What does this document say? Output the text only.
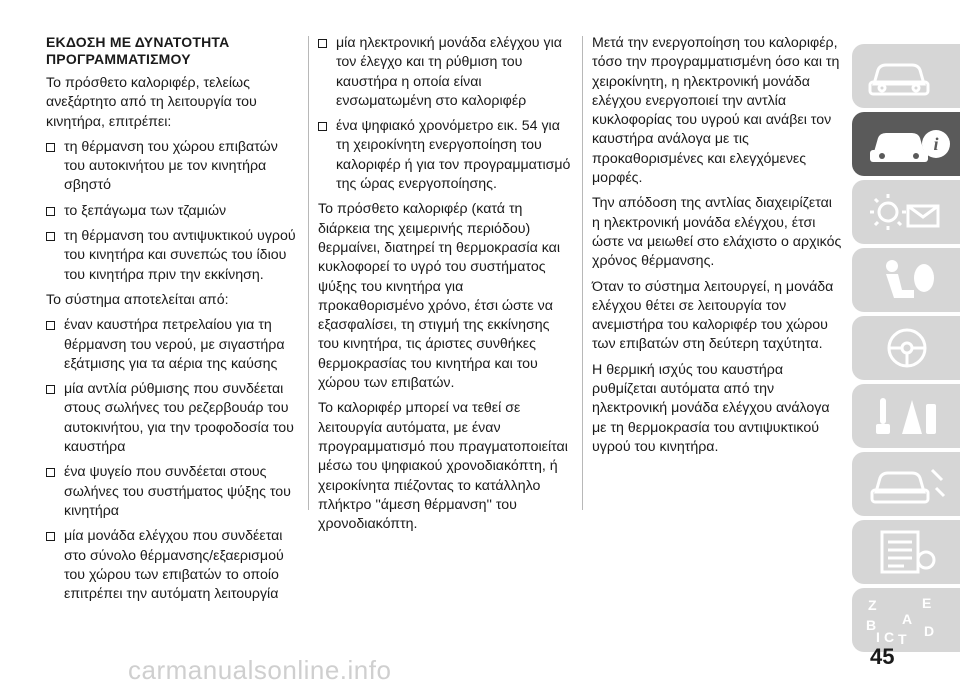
ΕΚΔΟΣΗ ΜΕ ΔΥΝΑΤΟΤΗΤΑ
ΠΡΟΓΡΑΜΜΑΤΙΣΜΟΥ

Το πρόσθετο καλοριφέρ, τελείως ανεξάρτητο από τη λειτουργία του κινητήρα, επιτρέπει:

τη θέρμανση του χώρου επιβατών του αυτοκινήτου με τον κινητήρα σβηστό
το ξεπάγωμα των τζαμιών
τη θέρμανση του αντιψυκτικού υγρού του κινητήρα και συνεπώς του ίδιου του κινητήρα πριν την εκκίνηση.

Το σύστημα αποτελείται από:

έναν καυστήρα πετρελαίου για τη θέρμανση του νερού, με σιγαστήρα εξάτμισης για τα αέρια της καύσης
μία αντλία ρύθμισης που συνδέεται στους σωλήνες του ρεζερβουάρ του αυτοκινήτου, για την τροφοδοσία του καυστήρα
ένα ψυγείο που συνδέεται στους σωλήνες του συστήματος ψύξης του κινητήρα
μία μονάδα ελέγχου που συνδέεται στο σύνολο θέρμανσης/εξαερισμού του χώρου των επιβατών το οποίο επιτρέπει την αυτόματη λειτουργία
μία ηλεκτρονική μονάδα ελέγχου για τον έλεγχο και τη ρύθμιση του καυστήρα η οποία είναι ενσωματωμένη στο καλοριφέρ
ένα ψηφιακό χρονόμετρο εικ. 54 για τη χειροκίνητη ενεργοποίηση του καλοριφέρ ή για τον προγραμματισμό της ώρας ενεργοποίησης.

Το πρόσθετο καλοριφέρ (κατά τη διάρκεια της χειμερινής περιόδου) θερμαίνει, διατηρεί τη θερμοκρασία και κυκλοφορεί το υγρό του συστήματος ψύξης του κινητήρα για προκαθορισμένο χρόνο, έτσι ώστε να εξασφαλίσει, τη στιγμή της εκκίνησης του κινητήρα, τις άριστες συνθήκες θερμοκρασίας του κινητήρα και του χώρου των επιβατών.

Το καλοριφέρ μπορεί να τεθεί σε λειτουργία αυτόματα, με έναν προγραμματισμό που πραγματοποιείται μέσω του ψηφιακού χρονοδιακόπτη, ή χειροκίνητα πιέζοντας το κατάλληλο πλήκτρο ''άμεση θέρμανση'' του χρονοδιακόπτη.

Μετά την ενεργοποίηση του καλοριφέρ, τόσο την προγραμματισμένη όσο και τη χειροκίνητη, η ηλεκτρονική μονάδα ελέγχου ενεργοποιεί την αντλία κυκλοφορίας του υγρού και ανάβει τον καυστήρα ανάλογα με τις προκαθορισμένες και ελεγχόμενες μορφές.

Την απόδοση της αντλίας διαχειρίζεται η ηλεκτρονική μονάδα ελέγχου, έτσι ώστε να μειωθεί στο ελάχιστο ο αρχικός χρόνος θέρμανσης.

Όταν το σύστημα λειτουργεί, η μονάδα ελέγχου θέτει σε λειτουργία τον ανεμιστήρα του καλοριφέρ του χώρου των επιβατών στη δεύτερη ταχύτητα.

Η θερμική ισχύς του καυστήρα ρυθμίζεται αυτόματα από την ηλεκτρονική μονάδα ελέγχου ανάλογα με τη θερμοκρασία του αντιψυκτικού υγρού του κινητήρα.

i
Z	E
A
B
C D
I T
45
carmanualsonline.info
